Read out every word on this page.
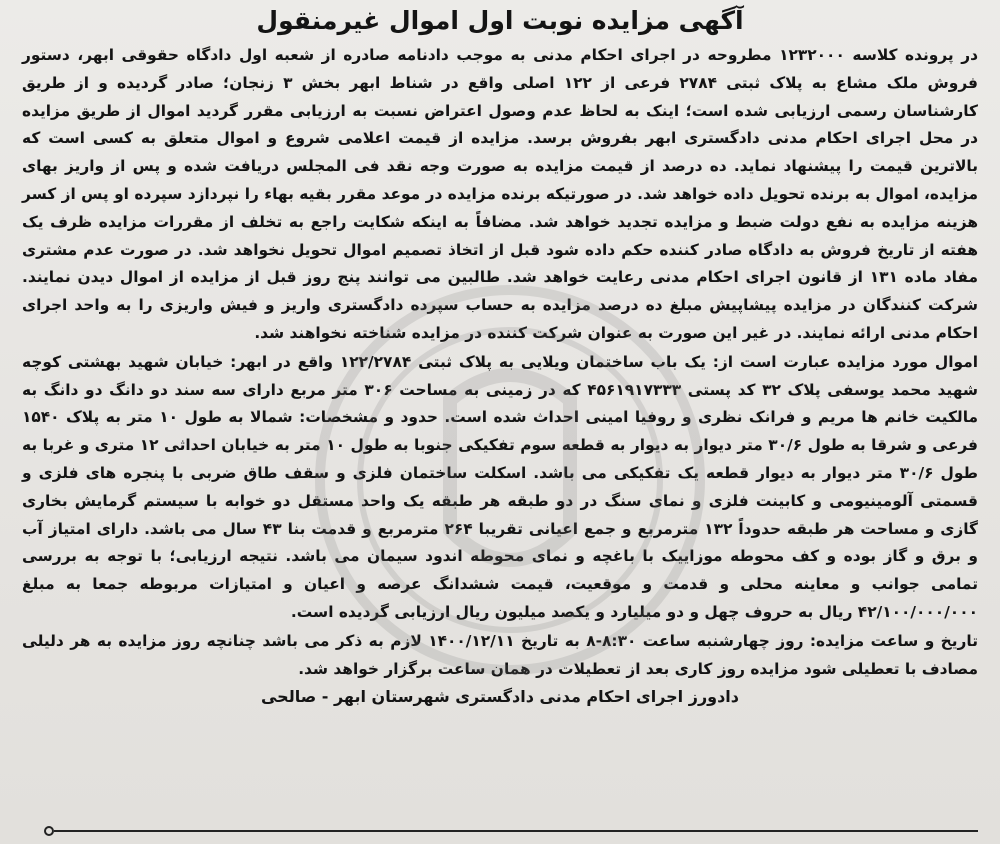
آگهی مزایده نوبت اول اموال غیرمنقول

در پرونده کلاسه ۱۲۳۲۰۰۰ مطروحه در اجرای احکام مدنی به موجب دادنامه صادره از شعبه اول دادگاه حقوقی ابهر، دستور فروش ملک مشاع به پلاک ثبتی ۲۷۸۴ فرعی از ۱۲۲ اصلی واقع در شناط ابهر بخش ۳ زنجان؛ صادر گردیده و از طریق کارشناسان رسمی ارزیابی شده است؛ اینک به لحاظ عدم وصول اعتراض نسبت به ارزیابی مقرر گردید اموال از طریق مزایده در محل اجرای احکام مدنی دادگستری ابهر بفروش برسد. مزایده از قیمت اعلامی شروع و اموال متعلق به کسی است که بالاترین قیمت را پیشنهاد نماید. ده درصد از قیمت مزایده به صورت وجه نقد فی المجلس دریافت شده و پس از واریز بهای مزایده، اموال به برنده تحویل داده خواهد شد. در صورتیکه برنده مزایده در موعد مقرر بقیه بهاء را نپردازد سپرده او پس از کسر هزینه مزایده به نفع دولت ضبط و مزایده تجدید خواهد شد. مضافاً به اینکه شکایت راجع به تخلف از مقررات مزایده ظرف یک هفته از تاریخ فروش به دادگاه صادر کننده حکم داده شود قبل از اتخاذ تصمیم اموال تحویل نخواهد شد. در صورت عدم مشتری مفاد ماده ۱۳۱ از قانون اجرای احکام مدنی رعایت خواهد شد. طالبین می توانند پنج روز قبل از مزایده از اموال دیدن نمایند. شرکت کنندگان در مزایده پیشاپیش مبلغ ده درصد مزایده به حساب سپرده دادگستری واریز و فیش واریزی را به واحد اجرای احکام مدنی ارائه نمایند. در غیر این صورت به عنوان شرکت کننده در مزایده شناخته نخواهند شد.

اموال مورد مزایده عبارت است از: یک باب ساختمان ویلایی به پلاک ثبتی ۱۲۲/۲۷۸۴ واقع در ابهر: خیابان شهید بهشتی کوچه شهید محمد یوسفی پلاک ۳۲ کد پستی ۴۵۶۱۹۱۷۳۳۳ که در زمینی به مساحت ۳۰۶ متر مربع دارای سه سند دو دانگ دو دانگ به مالکیت خانم ها مریم و فرانک نظری و روفیا امینی احداث شده است. حدود و مشخصات: شمالا به طول ۱۰ متر به پلاک ۱۵۴۰ فرعی و شرقا به طول ۳۰/۶ متر دیوار به دیوار به قطعه سوم تفکیکی جنوبا به طول ۱۰ متر به خیابان احداثی ۱۲ متری و غربا به طول ۳۰/۶ متر دیوار به دیوار قطعه یک تفکیکی می باشد. اسکلت ساختمان فلزی و سقف طاق ضربی با پنجره های فلزی و قسمتی آلومینیومی و کابینت فلزی و نمای سنگ در دو طبقه هر طبقه یک واحد مستقل دو خوابه با سیستم گرمایش بخاری گازی و مساحت هر طبقه حدوداً ۱۳۲ مترمربع و جمع اعیانی تقریبا ۲۶۴ مترمربع و قدمت بنا ۴۳ سال می باشد. دارای امتیاز آب و برق و گاز بوده و کف محوطه موزاییک با باغچه و نمای محوطه اندود سیمان می باشد. نتیجه ارزیابی؛ با توجه به بررسی تمامی جوانب و معاینه محلی و قدمت و موقعیت، قیمت ششدانگ عرصه و اعیان و امتیازات مربوطه جمعا به مبلغ ۴۲/۱۰۰/۰۰۰/۰۰۰ ریال به حروف چهل و دو میلیارد و یکصد میلیون ریال ارزیابی گردیده است.

تاریخ و ساعت مزایده: روز چهارشنبه ساعت ۸:۳۰-۸ به تاریخ ۱۴۰۰/۱۲/۱۱ لازم به ذکر می باشد چنانچه روز مزایده به هر دلیلی مصادف با تعطیلی شود مزایده روز کاری بعد از تعطیلات در همان ساعت برگزار خواهد شد.

دادورز اجرای احکام مدنی دادگستری شهرستان ابهر - صالحی
